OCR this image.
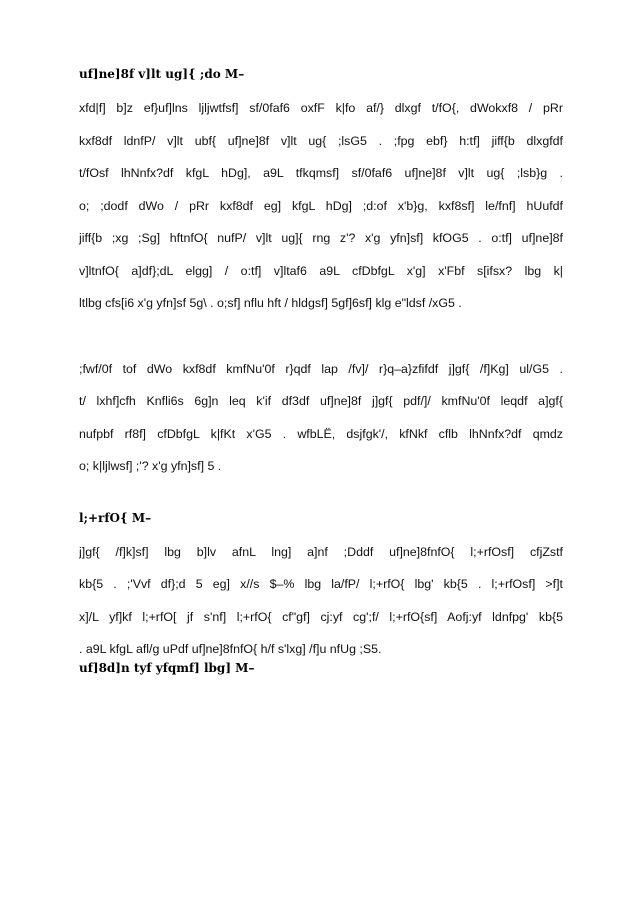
uf]ne]8f v]lt ug]{ ;do M–

xfd|f] b]z ef}uf]lns ljljwtfsf] sf/0faf6 oxfF k|fo af/} dlxgf t/fO{, dWokxf8 / pRr
kxf8df ldnfP/ v]lt ubf{ uf]ne]8f v]lt ug{ ;lsG5 . ;fpg ebf} h:tf] jiff{b dlxgfdf
t/fOsf lhNnfx?df kfgL hDg], a9L tfkqmsf] sf/0faf6 uf]ne]8f v]lt ug{ ;lsb}g .
o; ;dodf dWo / pRr kxf8df eg] kfgL hDg] ;d:of x'b}g, kxf8sf] le/fnf] hUufdf
jiff{b ;xg ;Sg] hftnfO{ nufP/ v]lt ug]{ rng z'? x'g yfn]sf] kfOG5 . o:tf] uf]ne]8f
v]ltnfO{ a]df};dL elgg] / o:tf] v]ltaf6 a9L cfDbfgL x'g] x'Fbf s[ifsx? lbg k|
ltlbg cfs[i6 x'g yfn]sf 5g\ . o;sf] nflu hft / hldgsf] 5gf]6sf] klg e"ldsf /xG5 .
;fwf/0f tof dWo kxf8df kmfNu'0f r}qdf lap /fv]/ r}q–a}zfifdf j]gf{ /f]Kg] ul/G5 .
t/ lxhf]cfh Knfli6s 6g]n leq k'if df3df uf]ne]8f j]gf{ pdf/]/ kmfNu'0f leqdf a]gf{
nufpbf rf8f] cfDbfgL k|fKt x'G5 . wfbLË, dsjfgk'/, kfNkf cflb lhNnfx?df qmdz
o; k|ljlwsf] ;'? x'g yfn]sf] 5 .

l;+rfO{ M–

j]gf{ /f]k]sf] lbg b]lv afnL lng] a]nf ;Dddf uf]ne]8fnfO{ l;+rfOsf] cfjZstf
kb{5 . ;'Vvf df};d 5 eg] x//s $–% lbg la/fP/ l;+rfO{ lbg' kb{5 . l;+rfOsf] >f]t
x]/L yf]kf l;+rfO[ jf s'nf] l;+rfO{ cf"gf] cj:yf cg';f/ l;+rfO{sf] Aofj:yf ldnfpg' kb{5
. a9L kfgL afl/g uPdf uf]ne]8fnfO{ h/f s'lxg] /f]u nfUg ;S5.

uf]8d]n tyf yfqmf] lbg] M–
